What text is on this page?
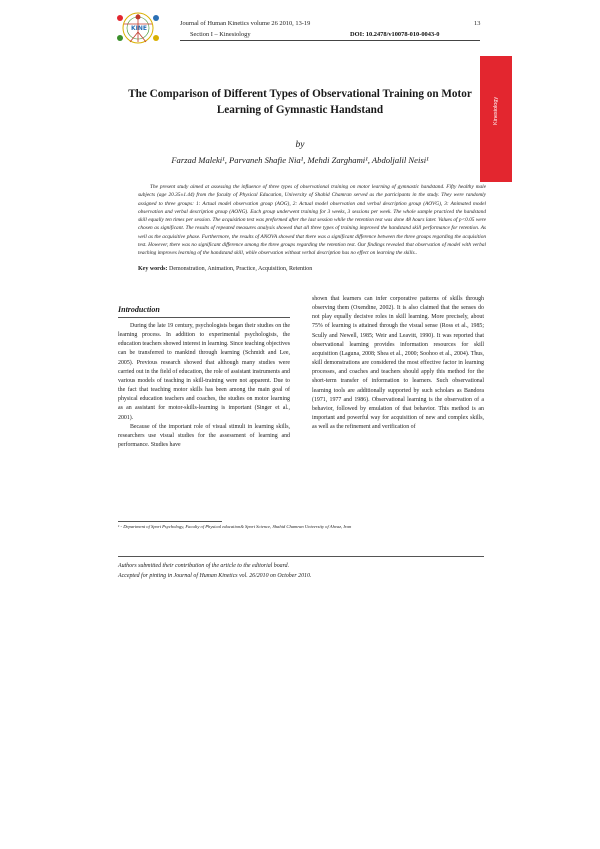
KINE
Journal of Human Kinetics volume 26 2010, 13-19	13
Section I – Kinesiology	DOI: 10.2478/v10078-010-0043-0
Kinesiology
The Comparison of Different Types of Observational Training on Motor Learning of Gymnastic Handstand
by
Farzad Maleki¹, Parvaneh Shafie Nia¹, Mehdi Zarghami¹, Abdoljalil Neisi¹

The present study aimed at assessing the influence of three types of observational training on motor learning of gymnastic handstand. Fifty healthy male subjects (age 20.35±1.44) from the faculty of Physical Education, University of Shahid Chamran served as the participants in the study. They were randomly assigned to three groups: 1: Actual model observation group (AOG), 2: Actual model observation and verbal description group (AOVG), 3: Animated model observation and verbal description group (AONG). Each group underwent training for 3 weeks, 3 sessions per week. The whole sample practiced the handstand skill equally ten times per session. The acquisition test was preformed after the last session while the retention test was done 48 hours later. Values of p<0.05 were chosen as significant. The results of repeated measures analysis showed that all three types of training improved the handstand skill performance for retention. As well as the acquisitive phase. Furthermore, the results of ANOVA showed that there was a significant difference between the three groups regarding the acquisition test. However, there was no significant difference among the three groups regarding the retention test. Our findings revealed that observation of model with verbal teaching improves learning of the handstand skill, while observation without verbal description has no effect on learning the skills..

Key words: Demonstration, Animation, Practice, Acquisition, Retention
Introduction

During the late 19 century, psychologists began their studies on the learning process. In addition to experimental psychologists, the education teachers showed interest in learning. Since teaching objectives can be transferred to mankind through learning (Schmidt and Lee, 2005). Previous research showed that although many studies were carried out in the field of education, the role of assistant instruments and various models of teaching in skill-training were not apparent. Due to the fact that teaching motor skills has been among the main goal of physical education teachers and coaches, the studies on motor learning as an assistant for motor-skills-learning is important (Singer et al., 2001).

Because of the important role of visual stimuli in learning skills, researchers use visual studies for the assessment of learning and performance. Studies have

shown that learners can infer corporative patterns of skills through observing them (Oxendine, 2002). It is also claimed that the senses do not play equally decisive roles in skill learning. More precisely, about 75% of learning is attained through the visual sense (Ross et al., 1985; Scully and Newell, 1985; Weir and Leavitt, 1990). It was reported that observational learning provides information resources for skill acquisition (Laguna, 2008; Shea et al., 2000; Soohoo et al., 2004). Thus, skill demonstrations are considered the most effective factor in learning processes, and coaches and teachers should apply this method for the short-term transfer of information to learners. Such observational learning tools are additionally supported by such scholars as Bandora (1971, 1977 and 1986). Observational learning is the observation of a behavior, followed by emulation of that behavior. This method is an important and powerful way for acquisition of new and complex skills, as well as the refinement and verification of

¹ - Department of Sport Psychology, Faculty of Physical education& Sport Science, Shahid Chamran University of Ahvaz, Iran
Authors submitted their contribution of the article to the editorial board.
Accepted for pinting in Journal of Human Kinetics vol. 26/2010 on October 2010.
